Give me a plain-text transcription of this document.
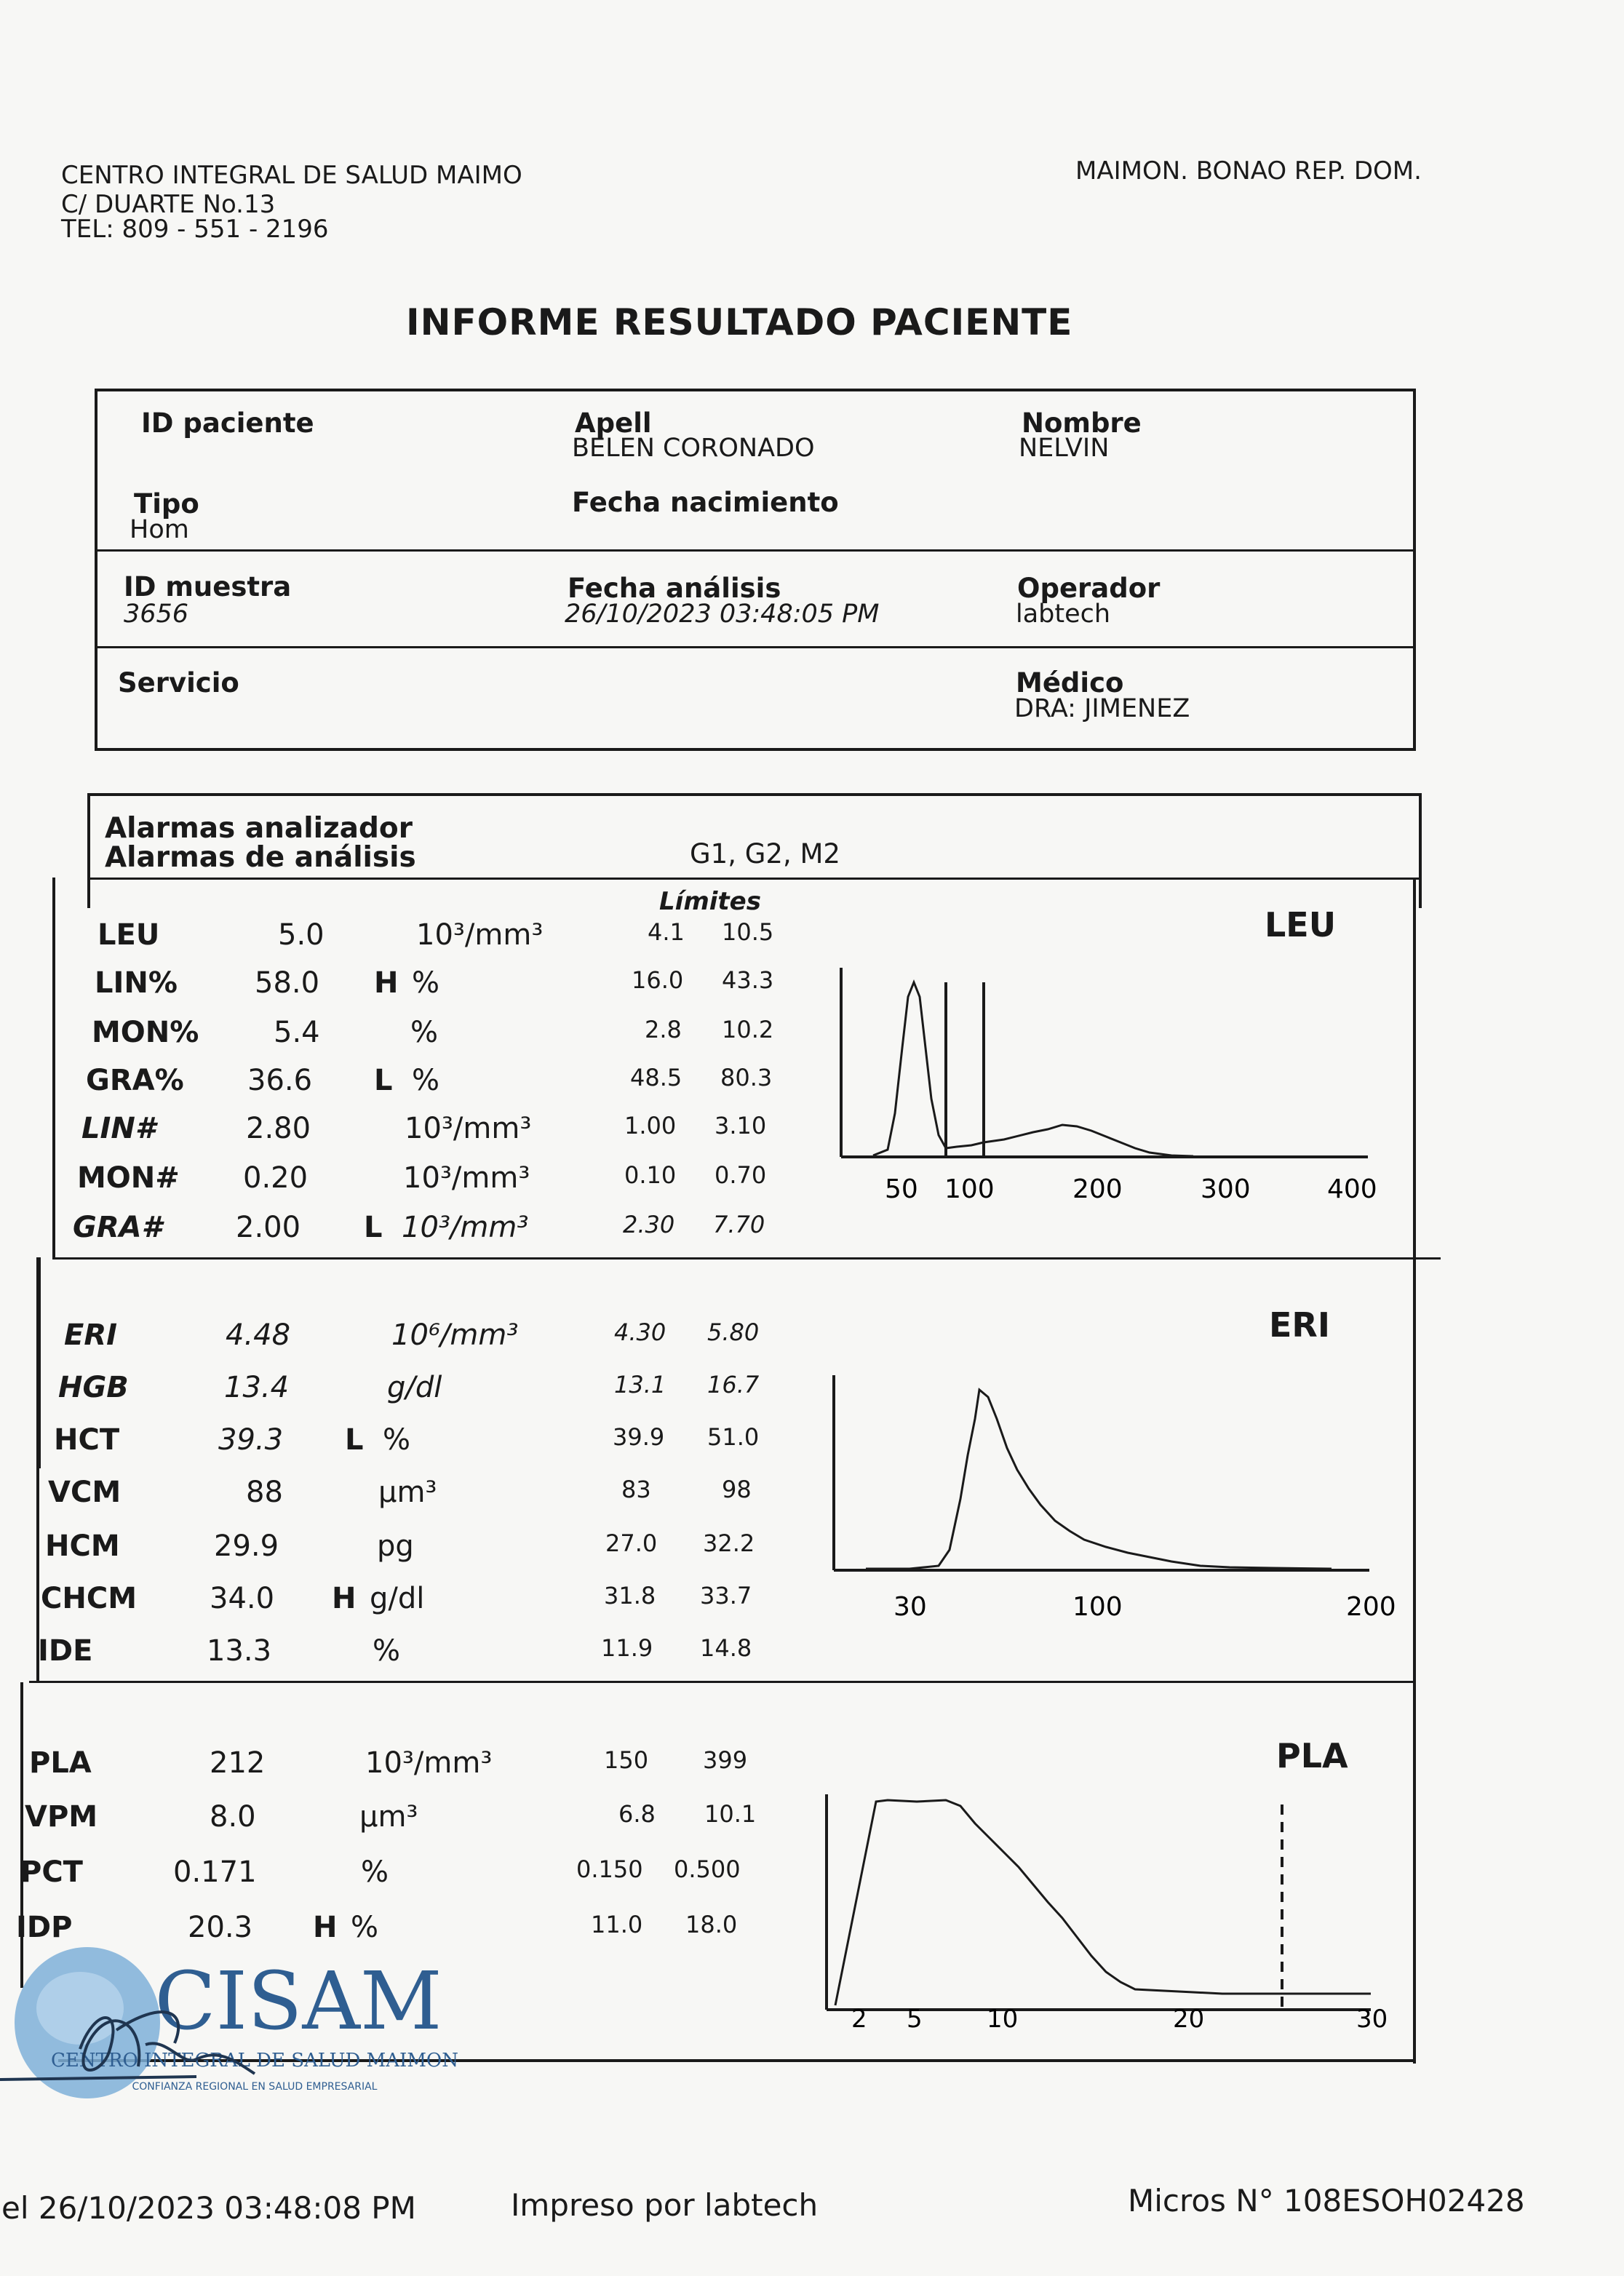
CENTRO INTEGRAL DE SALUD MAIMO
C/ DUARTE No.13
TEL: 809 - 551 - 2196
MAIMON. BONAO REP. DOM.
INFORME RESULTADO PACIENTE
ID paciente	Apell
BELEN CORONADO
Nombre
NELVIN
Tipo
Hom
Fecha nacimiento
ID muestra
3656
Fecha análisis
26/10/2023 03:48:05 PM
Operador
labtech
Servicio	Médico
DRA: JIMENEZ
Alarmas analizador
Alarmas de análisis	G1, G2, M2
Límites
LEU	5.0	10³/mm³	4.1 10.5
LIN%	58.0 H %	16.0 43.3
MON%	5.4	%	2.8 10.2
GRA% 36.6 L %	48.5 80.3
LIN#	2.80	10³/mm³	1.00 3.10
MON# 0.20	10³/mm³	0.10 0.70
GRA#	2.00 L 10³/mm³	2.30 7.70
ERI	4.48	10⁶/mm³	4.30 5.80
HGB	13.4	g/dl	13.1 16.7
HCT	39.3 L %	39.9 51.0
VCM	88	µm³	83	98
HCM	29.9	pg	27.0 32.2
CHCM	34.0 H g/dl	31.8 33.7
IDE	13.3	%	11.9 14.8
PLA	212	10³/mm³	150 399
VPM	8.0	µm³	6.8 10.1
PCT	0.171	%	0.150 0.500
IDP	20.3 H %	11.0 18.0
LEU
ERI
PLA
50 100	200	300	400
30	100	200
2 5	10	20	30
CISAM
CENTRO INTEGRAL DE SALUD MAIMON
CONFIANZA REGIONAL EN SALUD EMPRESARIAL
el 26/10/2023 03:48:08 PM	Impreso por labtech	Micros N° 108ESOH02428
